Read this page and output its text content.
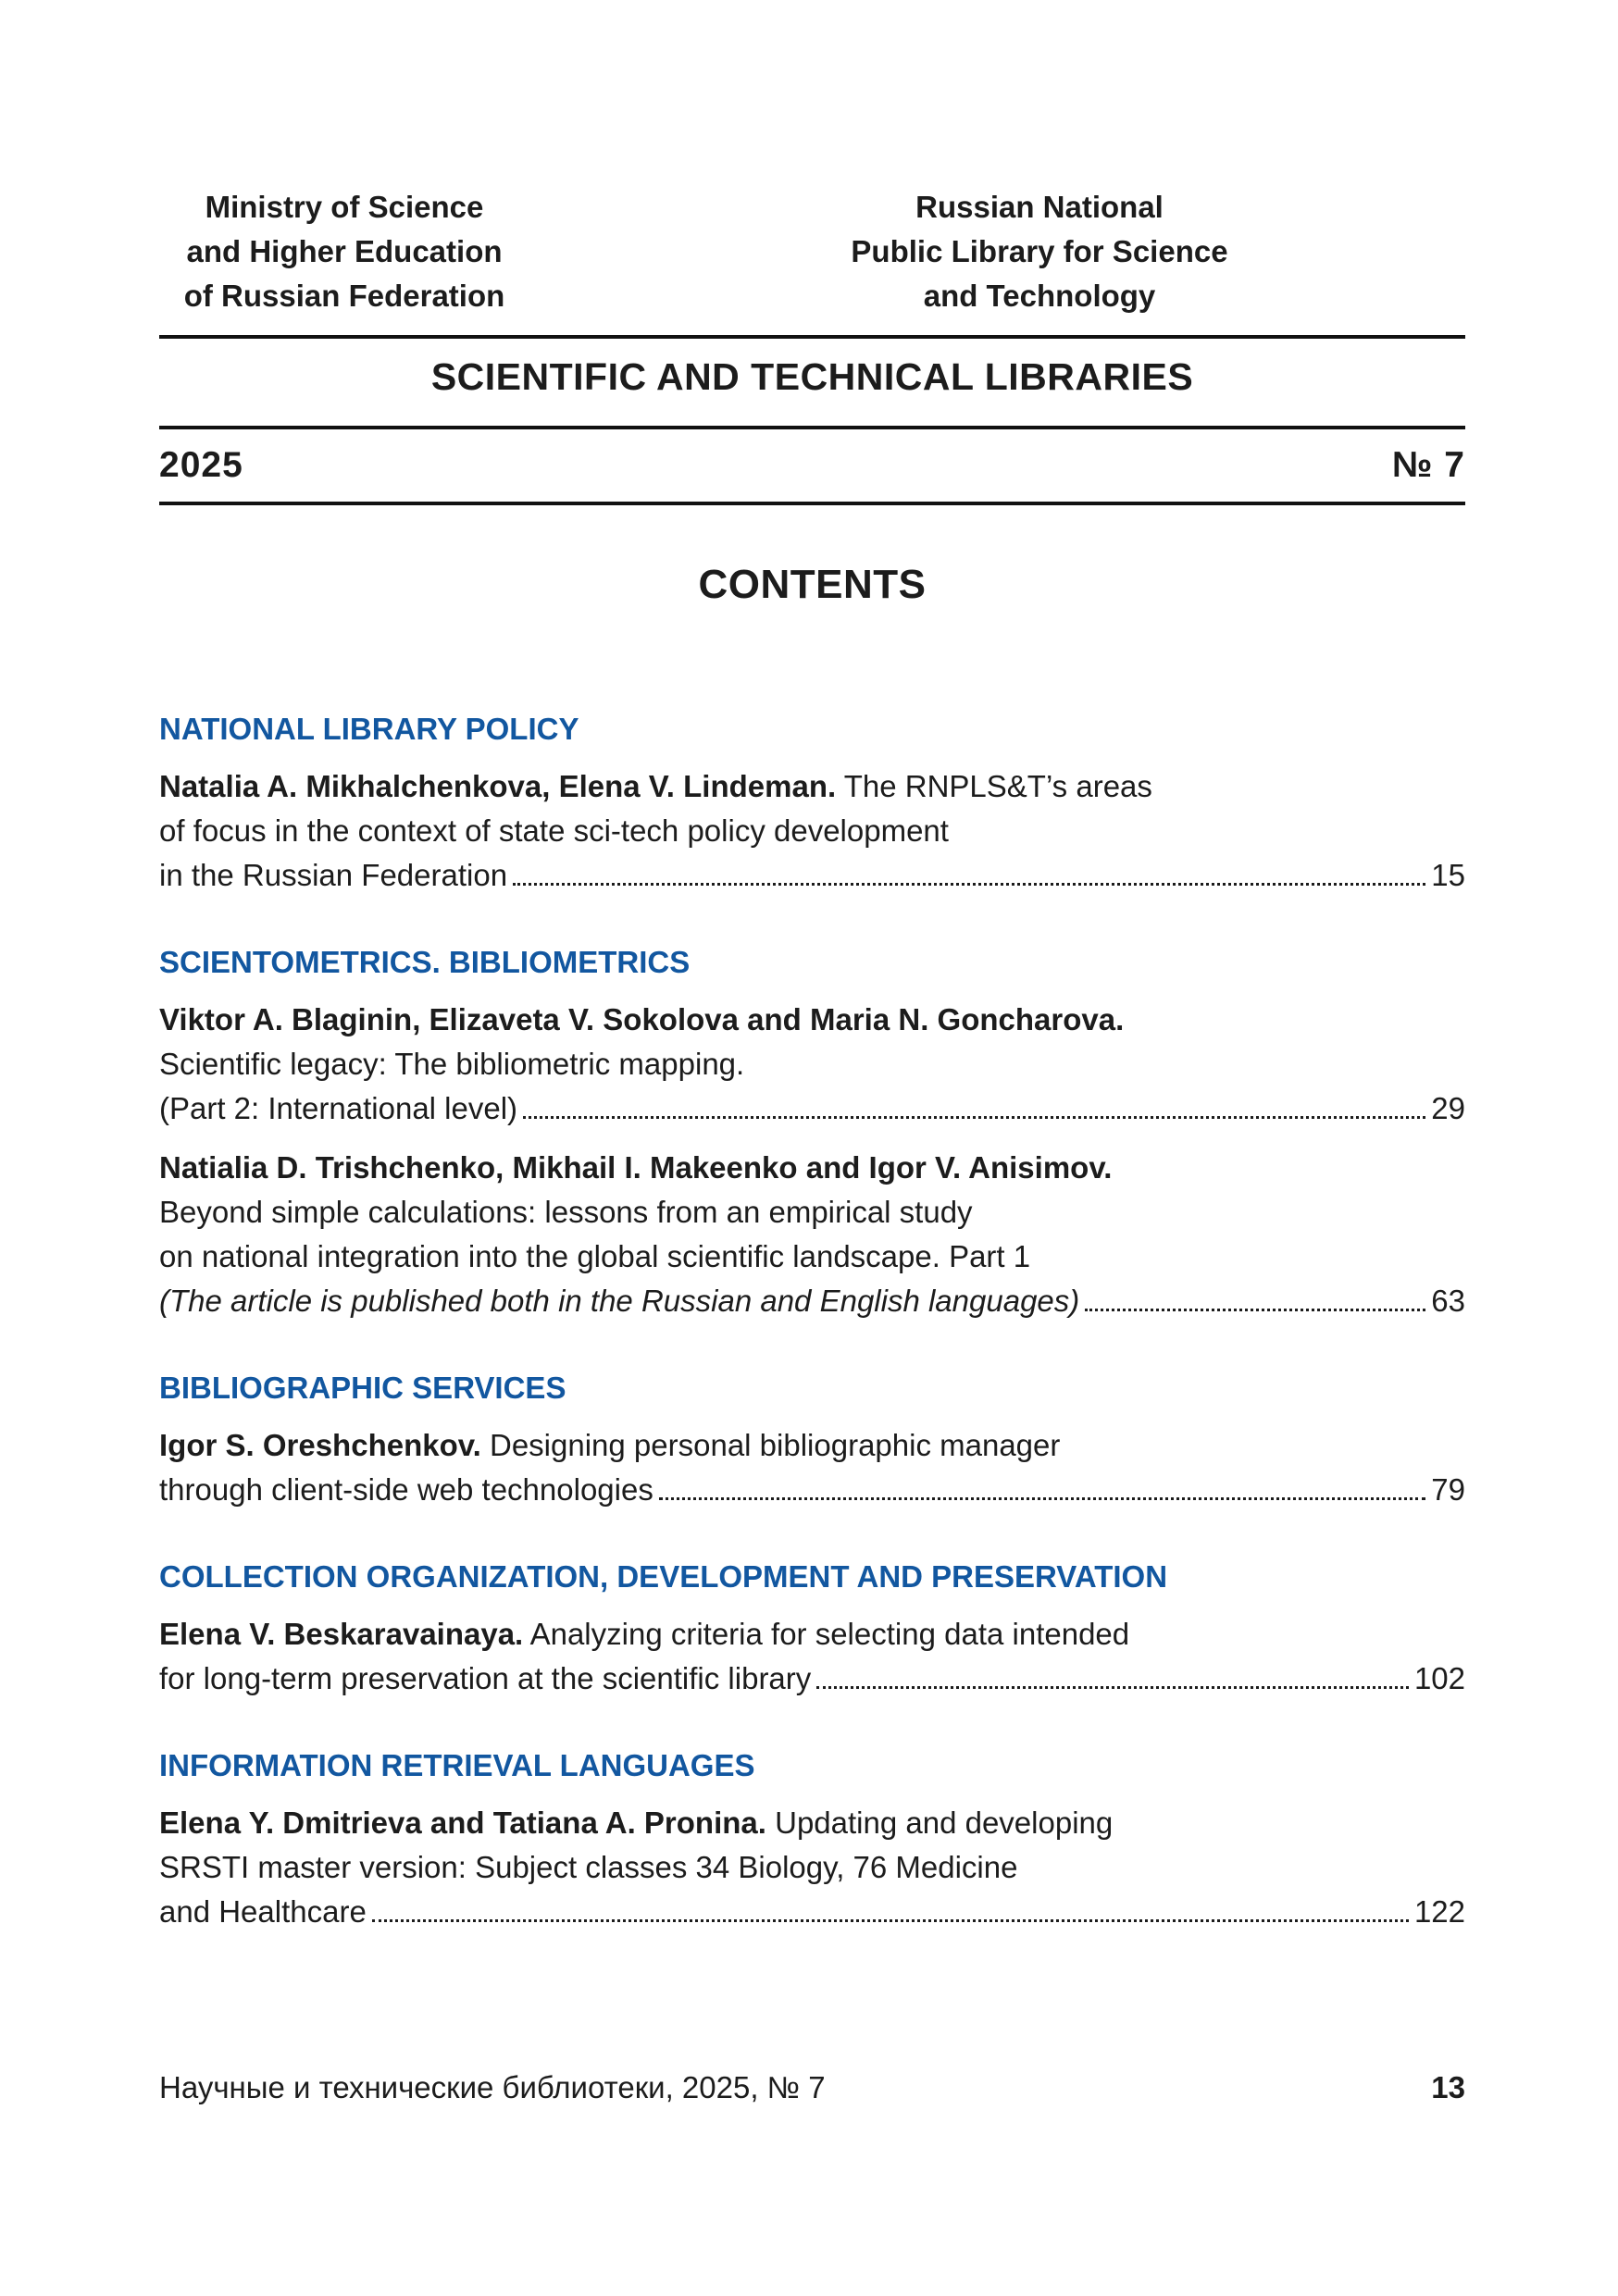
Ministry of Science
and Higher Education
of Russian Federation
Russian National
Public Library for Science
and Technology
SCIENTIFIC AND TECHNICAL LIBRARIES
2025	№ 7
CONTENTS
NATIONAL LIBRARY POLICY
Natalia A. Mikhalchenkova, Elena V. Lindeman. The RNPLS&T’s areas
of focus in the context of state sci-tech policy development
in the Russian Federation	15
SCIENTOMETRICS. BIBLIOMETRICS
Viktor A. Blaginin, Elizaveta V. Sokolova and Maria N. Goncharova.
Scientific legacy: The bibliometric mapping.
(Part 2: International level)	29
Natialia D. Trishchenko, Mikhail I. Makeenko and Igor V. Anisimov.
Beyond simple calculations: lessons from an empirical study
on national integration into the global scientific landscape. Part 1
(The article is published both in the Russian and English languages)	63
BIBLIOGRAPHIC SERVICES
Igor S. Oreshchenkov. Designing personal bibliographic manager
through client-side web technologies	79
COLLECTION ORGANIZATION, DEVELOPMENT AND PRESERVATION
Elena V. Beskaravainaya. Analyzing criteria for selecting data intended
for long-term preservation at the scientific library	102
INFORMATION RETRIEVAL LANGUAGES
Elena Y. Dmitrieva and Tatiana A. Pronina. Updating and developing
SRSTI master version: Subject classes 34 Biology, 76 Medicine
and Healthcare	122
Научные и технические библиотеки, 2025, № 7	13
